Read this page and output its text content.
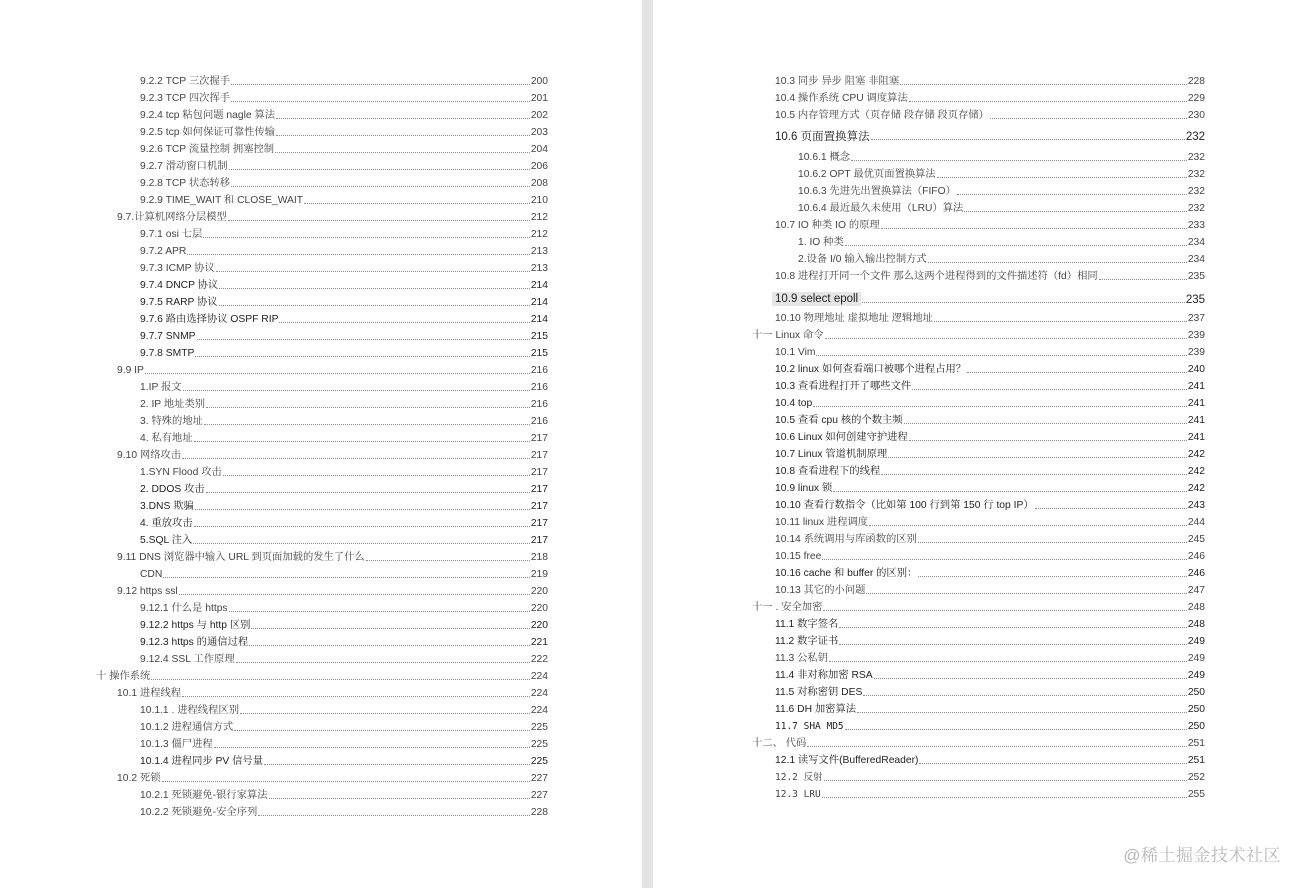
9.2.2 TCP 三次握手	200
9.2.3 TCP 四次挥手	201
9.2.4 tcp 粘包问题 nagle 算法	202
9.2.5 tcp 如何保证可靠性传输	203
9.2.6 TCP 流量控制 拥塞控制	204
9.2.7 滑动窗口机制	206
9.2.8 TCP 状态转移	208
9.2.9 TIME_WAIT 和 CLOSE_WAIT	210
9.7.计算机网络分层模型	212
9.7.1 osi 七层	212
9.7.2 APR	213
9.7.3 ICMP 协议	213
9.7.4 DNCP 协议	214
9.7.5 RARP 协议	214
9.7.6 路由选择协议 OSPF RIP	214
9.7.7 SNMP	215
9.7.8 SMTP	215
9.9 IP	216
1.IP 报文	216
2. IP 地址类别	216
3. 特殊的地址	216
4. 私有地址	217
9.10 网络攻击	217
1.SYN Flood 攻击	217
2. DDOS 攻击	217
3.DNS 欺骗	217
4. 重放攻击	217
5.SQL 注入	217
9.11 DNS 浏览器中输入 URL 到页面加载的发生了什么	218
CDN	219
9.12 https ssl	220
9.12.1 什么是 https	220
9.12.2 https 与 http 区别	220
9.12.3 https 的通信过程	221
9.12.4 SSL 工作原理	222
十 操作系统	224
10.1 进程线程	224
10.1.1 . 进程线程区别	224
10.1.2 进程通信方式	225
10.1.3 僵尸进程	225
10.1.4 进程同步 PV 信号量	225
10.2 死锁	227
10.2.1 死锁避免-银行家算法	227
10.2.2 死锁避免-安全序列	228
10.3 同步 异步 阻塞 非阻塞	228
10.4 操作系统 CPU 调度算法	229
10.5 内存管理方式（页存储 段存储 段页存储）	230
10.6 页面置换算法	232
10.6.1 概念	232
10.6.2 OPT 最优页面置换算法	232
10.6.3 先进先出置换算法（FIFO）	232
10.6.4 最近最久未使用（LRU）算法	232
10.7 IO 种类 IO 的原理	233
1. IO 种类	234
2.设备 I/0 输入输出控制方式	234
10.8 进程打开同一个文件 那么这两个进程得到的文件描述符（fd）相同	235
10.9 select epoll	235
10.10 物理地址 虚拟地址 逻辑地址	237
十一 Linux 命令	239
10.1 Vim	239
10.2 linux 如何查看端口被哪个进程占用？	240
10.3 查看进程打开了哪些文件	241
10.4 top	241
10.5 查看 cpu 核的个数主频	241
10.6 Linux 如何创建守护进程	241
10.7 Linux 管道机制原理	242
10.8 查看进程下的线程	242
10.9 linux 锁	242
10.10 查看行数指令（比如第 100 行到第 150 行 top IP）	243
10.11 linux 进程调度	244
10.14 系统调用与库函数的区别	245
10.15 free	246
10.16 cache 和 buffer 的区别：	246
10.13 其它的小问题	247
十一 . 安全加密	248
11.1 数字签名	248
11.2 数字证书	249
11.3 公私钥	249
11.4 非对称加密 RSA	249
11.5 对称密钥 DES	250
11.6 DH 加密算法	250
11.7 SHA MD5	250
十二、 代码	251
12.1 读写文件(BufferedReader)	251
12.2 反射	252
12.3 LRU	255
@稀土掘金技术社区
